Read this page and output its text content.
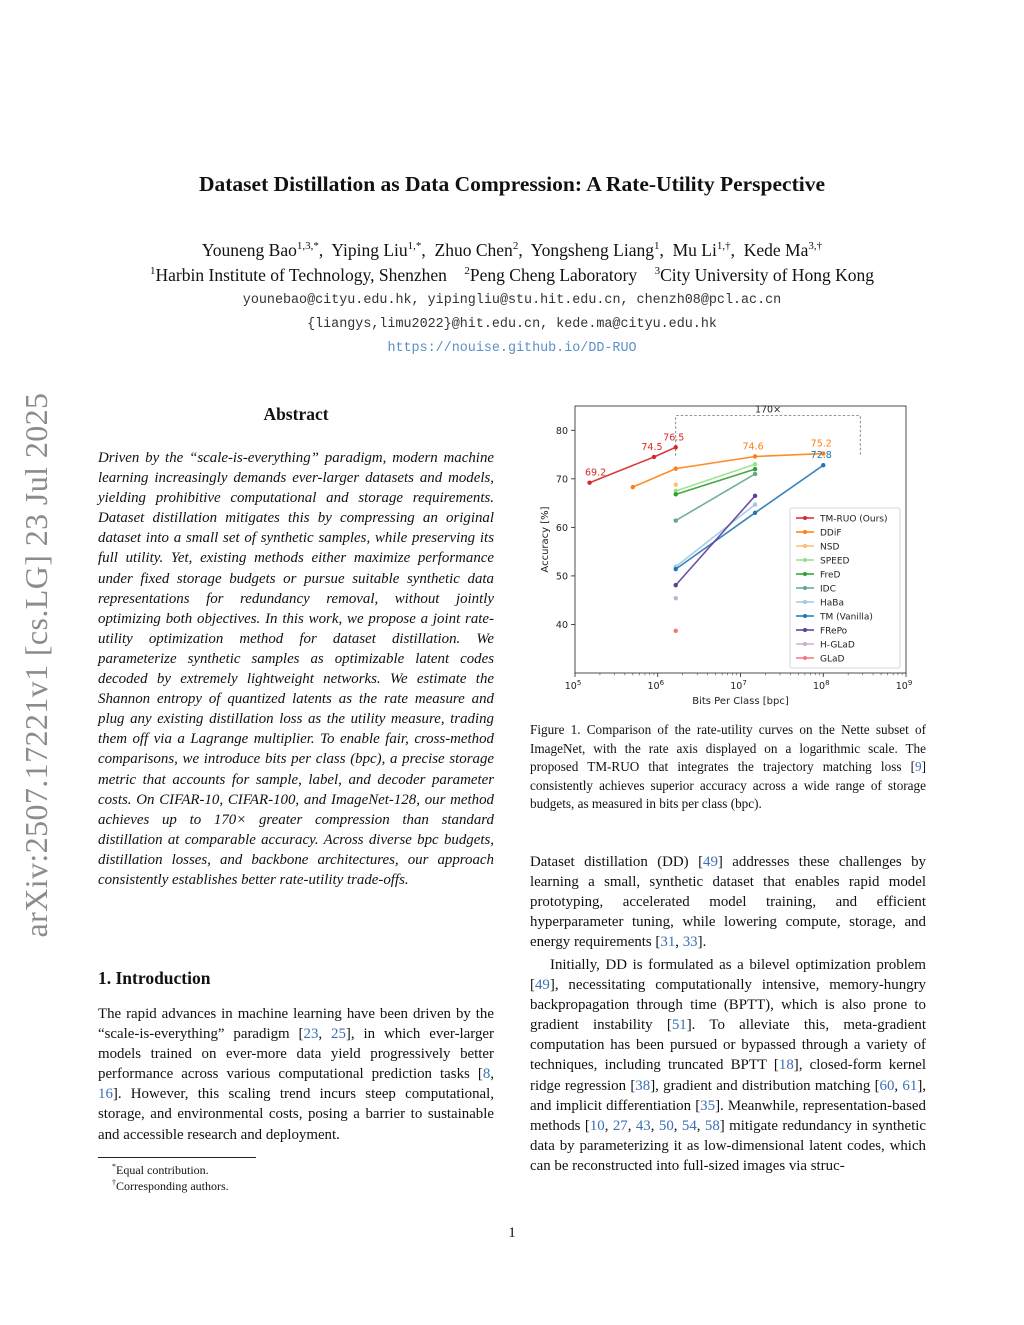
arXiv:2507.17221v1 [cs.LG] 23 Jul 2025
Dataset Distillation as Data Compression: A Rate-Utility Perspective
Youneng Bao$^{1,3,*}$,  Yiping Liu$^{1,*}$,  Zhuo Chen$^2$,  Yongsheng Liang$^1$,  Mu $Li^{1,\dagger}$,  Kede $Ma^{3,\dagger}$
$^1$Harbin Institute of Technology, Shenzhen $^2$Peng Cheng Laboratory $^3$City University of Hong Kong
younebao@cityu.edu.hk, yipingliu@stu.hit.edu.cn, chenzh08@pcl.ac.cn
{liangys,limu2022}@hit.edu.cn, kede.ma@cityu.edu.hk
https://nouise.github.io/DD-RUO
Abstract
Driven by the “scale-is-everything” paradigm, modern machine learning increasingly demands ever-larger datasets and models, yielding prohibitive computational and storage requirements. Dataset distillation mitigates this by compressing an original dataset into a small set of synthetic samples, while preserving its full utility. Yet, existing methods either maximize performance under fixed storage budgets or pursue suitable synthetic data representations for redundancy removal, without jointly optimizing both objectives. In this work, we propose a joint rate-utility optimization method for dataset distillation. We parameterize synthetic samples as optimizable latent codes decoded by extremely lightweight networks. We estimate the Shannon entropy of quantized latents as the rate measure and plug any existing distillation loss as the utility measure, trading them off via a Lagrange multiplier. To enable fair, cross-method comparisons, we introduce bits per class (bpc), a precise storage metric that accounts for sample, label, and decoder parameter costs. On CIFAR-10, CIFAR-100, and ImageNet-128, our method achieves up to 170× greater compression than standard distillation at comparable accuracy. Across diverse bpc budgets, distillation losses, and backbone architectures, our approach consistently establishes better rate-utility trade-offs.
1. Introduction
The rapid advances in machine learning have been driven by the “scale-is-everything” paradigm [23, 25], in which ever-larger models trained on ever-more data yield progressively better performance across various computational prediction tasks [8, 16]. However, this scaling trend incurs steep computational, storage, and environmental costs, posing a barrier to sustainable and accessible research and deployment.
*Equal contribution.
†Corresponding authors.
40
50
60
70
80
$10^5$	$10^6$	$10^7$	$10^8$	$10^9$
Bits Per Class [bpc]
Accuracy [%]
170×
69.2
74.5
76.5
74.6	75.2
72.8
TM-RUO (Ours)
DDiF
NSD
SPEED
FreD
IDC
HaBa
TM (Vanilla)
FRePo
H-GLaD
GLaD
Figure 1. Comparison of the rate-utility curves on the Nette subset of ImageNet, with the rate axis displayed on a logarithmic scale. The proposed TM-RUO that integrates the trajectory matching loss [9] consistently achieves superior accuracy across a wide range of storage budgets, as measured in bits per class (bpc).
Dataset distillation (DD) [49] addresses these challenges by learning a small, synthetic dataset that enables rapid model prototyping, accelerated model training, and efficient hyperparameter tuning, while lowering compute, storage, and energy requirements [31, 33].
Initially, DD is formulated as a bilevel optimization problem [49], necessitating computationally intensive, memory-hungry backpropagation through time (BPTT), which is also prone to gradient instability [51]. To alleviate this, meta-gradient computation has been pursued or bypassed through a variety of techniques, including truncated BPTT [18], closed-form kernel ridge regression [38], gradient and distribution matching [60, 61], and implicit differentiation [35]. Meanwhile, representation-based methods [10, 27, 43, 50, 54, 58] mitigate redundancy in synthetic data by parameterizing it as low-dimensional latent codes, which can be reconstructed into full-sized images via struc-
1
